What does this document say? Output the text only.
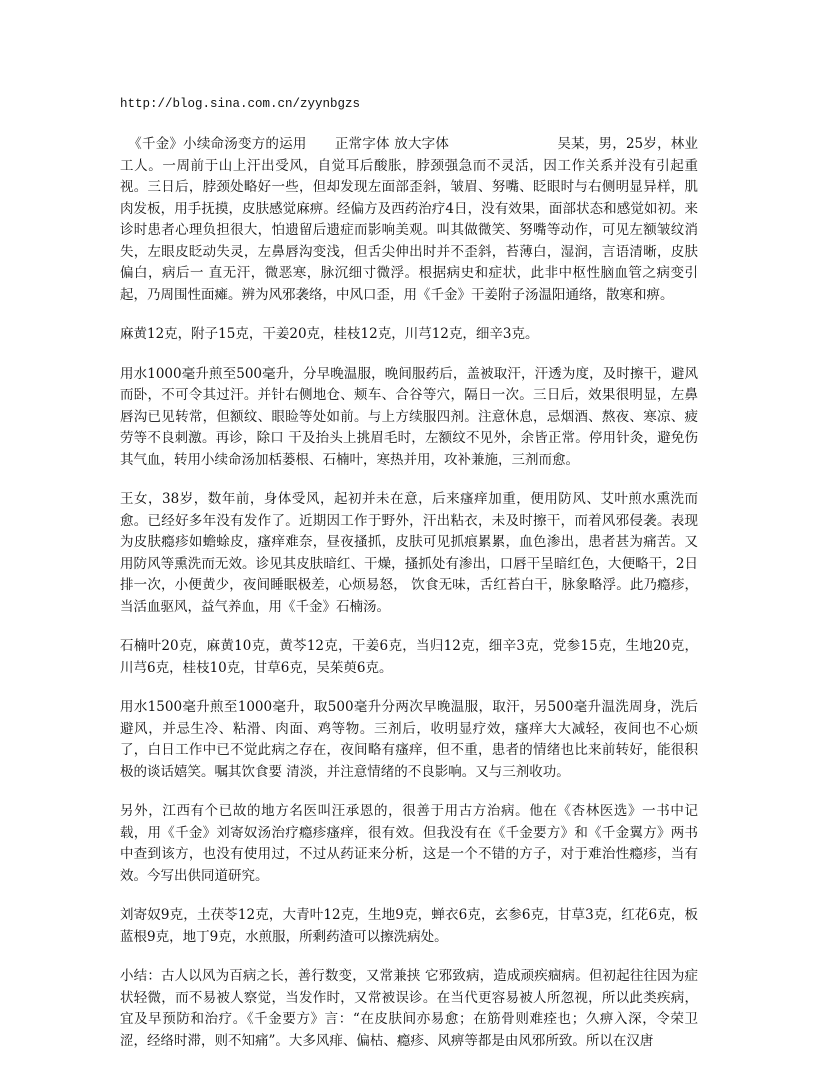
http://blog.sina.com.cn/zyynbgzs
《千金》小续命汤变方的运用 正常字体 放大字体	吴某，男，25岁，林业工人。一周前于山上汗出受风，自觉耳后酸胀，脖颈强急而不灵活，因工作关系并没有引起重视。三日后，脖颈处略好一些，但却发现左面部歪斜，皱眉、努嘴、眨眼时与右侧明显异样，肌肉发板，用手抚摸，皮肤感觉麻痹。经偏方及西药治疗4日，没有效果，面部状态和感觉如初。来诊时患者心理负担很大，怕遗留后遗症而影响美观。叫其做微笑、努嘴等动作，可见左额皱纹消失，左眼皮眨动失灵，左鼻唇沟变浅，但舌尖伸出时并不歪斜，苔薄白，湿润，言语清晰，皮肤偏白，病后一 直无汗，微恶寒，脉沉细寸微浮。根据病史和症状，此非中枢性脑血管之病变引起，乃周围性面瘫。辨为风邪袭络，中风口歪，用《千金》干姜附子汤温阳通络，散寒和痹。
麻黄12克，附子15克，干姜20克，桂枝12克，川芎12克，细辛3克。
用水1000毫升煎至500毫升，分早晚温服，晚间服药后，盖被取汗，汗透为度，及时擦干，避风而卧，不可令其过汗。并针右侧地仓、颊车、合谷等穴，隔日一次。三日后，效果很明显，左鼻唇沟已见转常，但额纹、眼睑等处如前。与上方续服四剂。注意休息，忌烟酒、熬夜、寒凉、疲劳等不良刺激。再诊，除口 干及抬头上挑眉毛时，左额纹不见外，余皆正常。停用针灸，避免伤其气血，转用小续命汤加栝蒌根、石楠叶，寒热并用，攻补兼施，三剂而愈。
王女，38岁，数年前，身体受风，起初并未在意，后来瘙痒加重，便用防风、艾叶煎水熏洗而愈。已经好多年没有发作了。近期因工作于野外，汗出粘衣，未及时擦干，而着风邪侵袭。表现为皮肤瘾疹如蟾蜍皮，瘙痒难奈，昼夜搔抓，皮肤可见抓痕累累，血色渗出，患者甚为痛苦。又用防风等熏洗而无效。诊见其皮肤暗红、干燥，搔抓处有渗出，口唇干呈暗红色，大便略干，2日排一次，小便黄少，夜间睡眠极差，心烦易怒， 饮食无味，舌红苔白干，脉象略浮。此乃瘾疹，当活血驱风，益气养血，用《千金》石楠汤。
石楠叶20克，麻黄10克，黄芩12克，干姜6克，当归12克，细辛3克，党参15克，生地20克，川芎6克，桂枝10克，甘草6克，吴茱萸6克。
用水1500毫升煎至1000毫升，取500毫升分两次早晚温服，取汗，另500毫升温洗周身，洗后避风，并忌生冷、粘滑、肉面、鸡等物。三剂后，收明显疗效，瘙痒大大减轻，夜间也不心烦了，白日工作中已不觉此病之存在，夜间略有瘙痒，但不重，患者的情绪也比来前转好，能很积极的谈话嬉笑。嘱其饮食要 清淡，并注意情绪的不良影响。又与三剂收功。
另外，江西有个已故的地方名医叫汪承恩的，很善于用古方治病。他在《杏林医选》一书中记载，用《千金》刘寄奴汤治疗瘾疹瘙痒，很有效。但我没有在《千金要方》和《千金翼方》两书中查到该方，也没有使用过，不过从药证来分析，这是一个不错的方子，对于难治性瘾疹，当有效。今写出供同道研究。
刘寄奴9克，土茯苓12克，大青叶12克，生地9克，蝉衣6克，玄参6克，甘草3克，红花6克，板蓝根9克，地丁9克，水煎服，所剩药渣可以擦洗病处。
小结：古人以风为百病之长，善行数变，又常兼挟 它邪致病，造成顽疾痼病。但初起往往因为症状轻微，而不易被人察觉，当发作时，又常被误诊。在当代更容易被人所忽视，所以此类疾病，宜及早预防和治疗。《千金要方》言：“在皮肤间亦易愈；在筋骨则难痊也；久痹入深，令荣卫涩，经络时滞，则不知痛”。大多风痱、偏枯、瘾疹、风痹等都是由风邪所致。所以在汉唐
